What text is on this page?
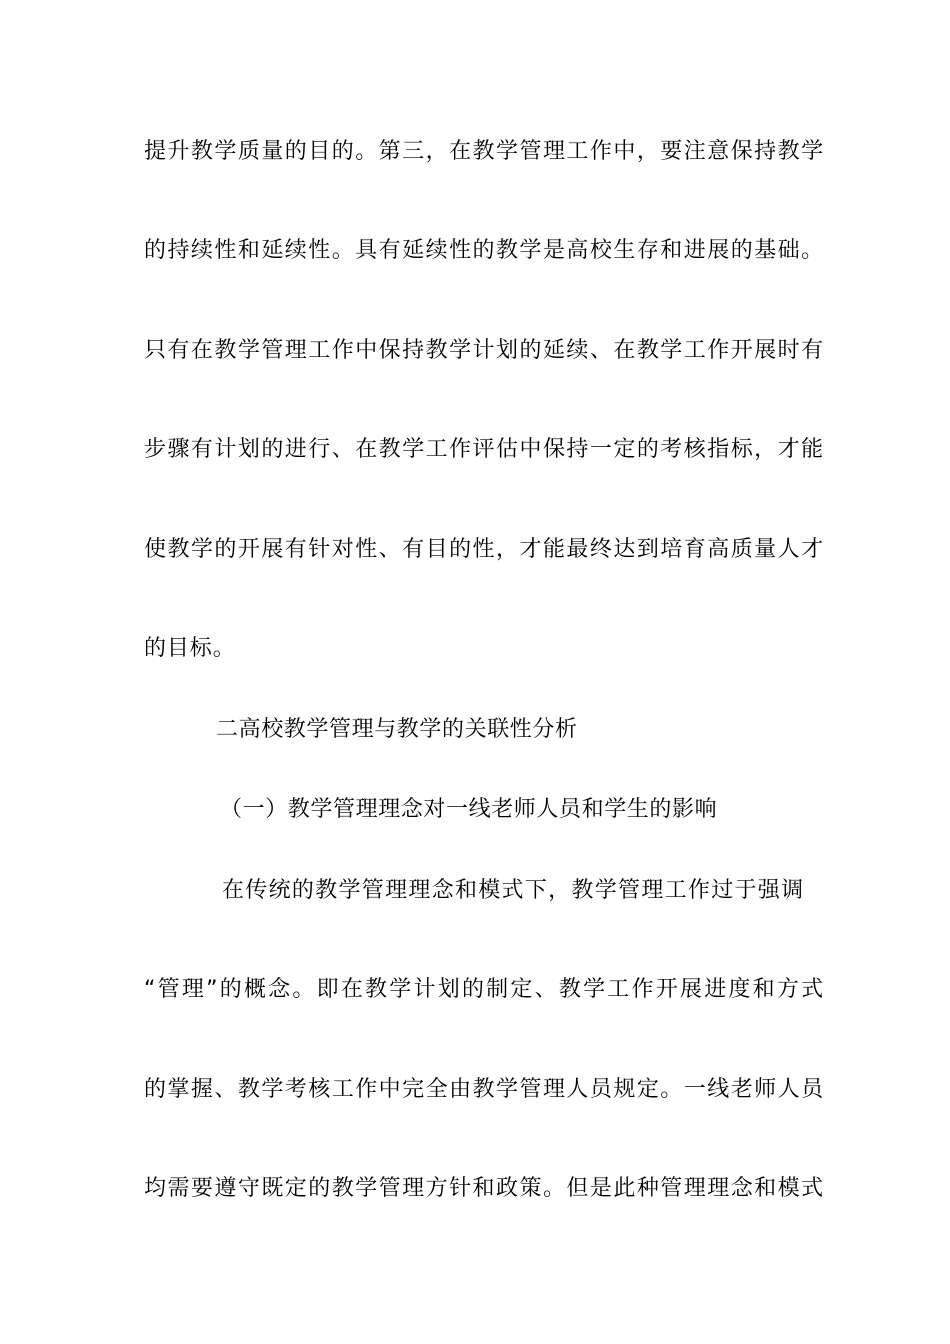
提升教学质量的目的。第三，在教学管理工作中，要注意保持教学
的持续性和延续性。具有延续性的教学是高校生存和进展的基础。
只有在教学管理工作中保持教学计划的延续、在教学工作开展时有
步骤有计划的进行、在教学工作评估中保持一定的考核指标，才能
使教学的开展有针对性、有目的性，才能最终达到培育高质量人才
的目标。
二高校教学管理与教学的关联性分析
（一）教学管理理念对一线老师人员和学生的影响
在传统的教学管理理念和模式下，教学管理工作过于强调
“管理”的概念。即在教学计划的制定、教学工作开展进度和方式
的掌握、教学考核工作中完全由教学管理人员规定。一线老师人员
均需要遵守既定的教学管理方针和政策。但是此种管理理念和模式
